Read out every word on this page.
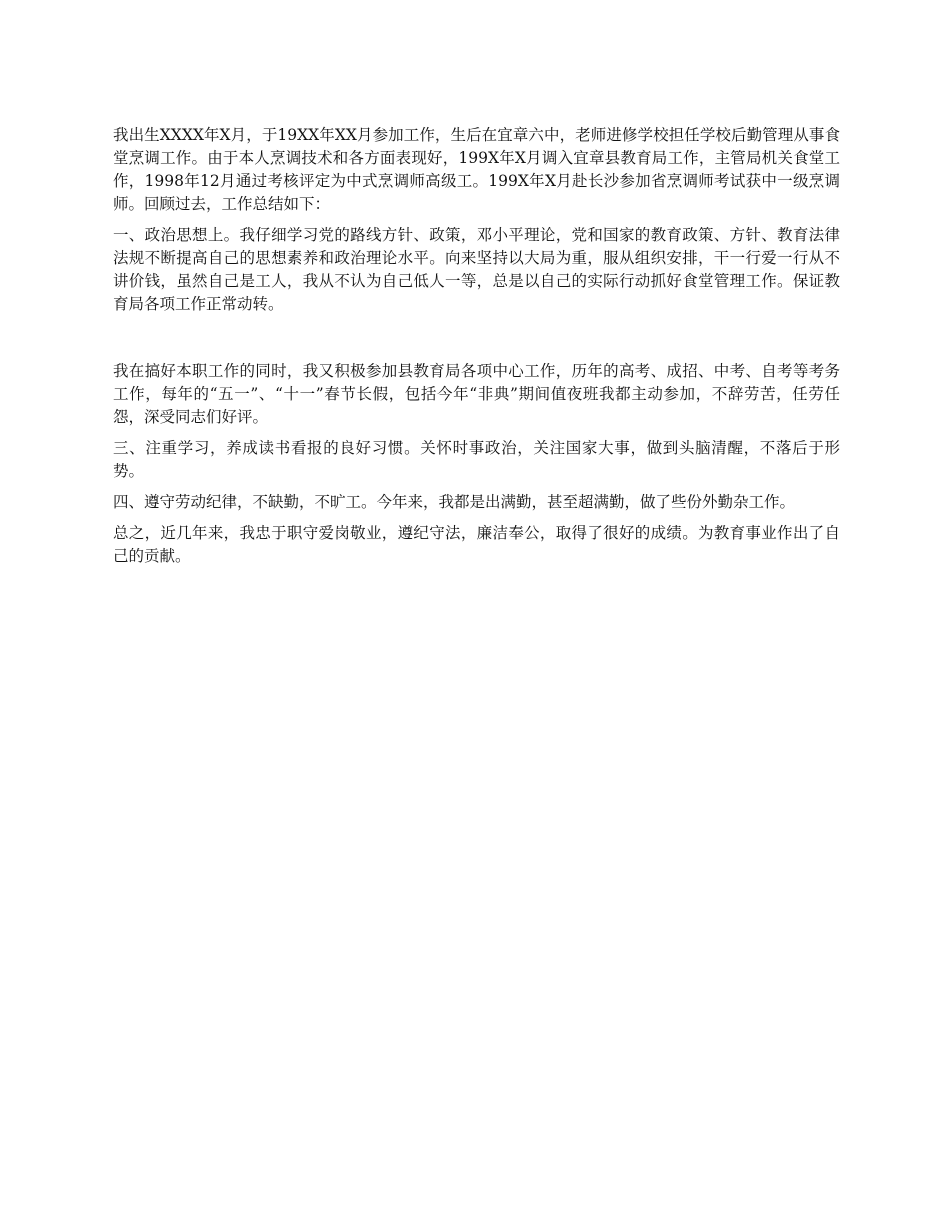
我出生XXXX年X月，于19XX年XX月参加工作，生后在宜章六中，老师进修学校担任学校后勤管理从事食堂烹调工作。由于本人烹调技术和各方面表现好，199X年X月调入宜章县教育局工作，主管局机关食堂工作，1998年12月通过考核评定为中式烹调师高级工。199X年X月赴长沙参加省烹调师考试获中一级烹调师。回顾过去，工作总结如下：

一、政治思想上。我仔细学习党的路线方针、政策，邓小平理论，党和国家的教育政策、方针、教育法律法规不断提高自己的思想素养和政治理论水平。向来坚持以大局为重，服从组织安排，干一行爱一行从不讲价钱，虽然自己是工人，我从不认为自己低人一等，总是以自己的实际行动抓好食堂管理工作。保证教育局各项工作正常动转。

我在搞好本职工作的同时，我又积极参加县教育局各项中心工作，历年的高考、成招、中考、自考等考务工作，每年的“五一”、“十一”春节长假，包括今年“非典”期间值夜班我都主动参加，不辞劳苦，任劳任怨，深受同志们好评。

三、注重学习，养成读书看报的良好习惯。关怀时事政治，关注国家大事，做到头脑清醒，不落后于形势。

四、遵守劳动纪律，不缺勤，不旷工。今年来，我都是出满勤，甚至超满勤，做了些份外勤杂工作。

总之，近几年来，我忠于职守爱岗敬业，遵纪守法，廉洁奉公，取得了很好的成绩。为教育事业作出了自己的贡献。
